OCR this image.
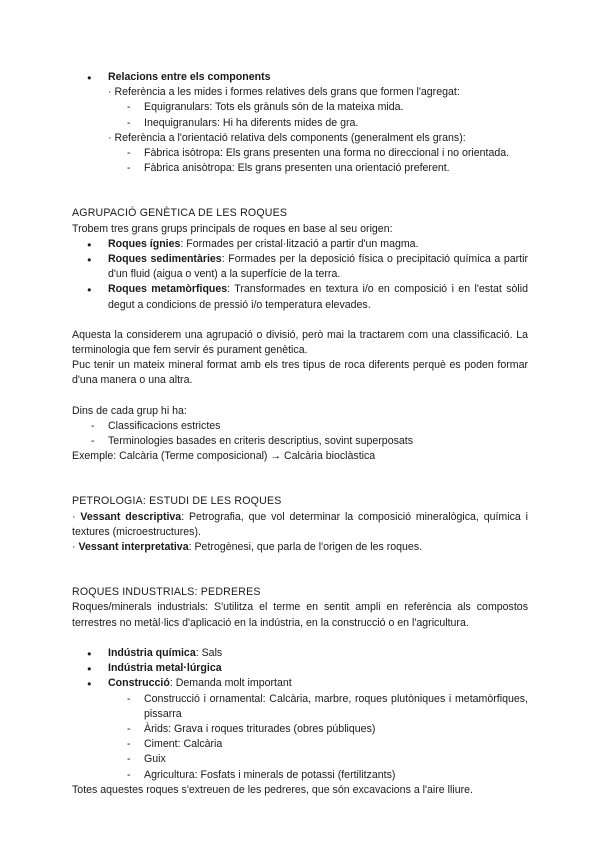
● Relacions entre els components

· Referència a les mides i formes relatives dels grans que formen l'agregat:

- Equigranulars: Tots els grànuls són de la mateixa mida.
- Inequigranulars: Hi ha diferents mides de gra.

· Referència a l'orientació relativa dels components (generalment els grans):

- Fàbrica isòtropa: Els grans presenten una forma no direccional i no orientada.
- Fàbrica anisòtropa: Els grans presenten una orientació preferent.

AGRUPACIÓ GENÈTICA DE LES ROQUES

Trobem tres grans grups principals de roques en base al seu origen:

● Roques ígnies: Formades per cristal·lització a partir d'un magma.
● Roques sedimentàries: Formades per la deposició física o precipitació química a partir d'un fluid (aigua o vent) a la superfície de la terra.
● Roques metamòrfiques: Transformades en textura i/o en composició i en l'estat sòlid degut a condicions de pressió i/o temperatura elevades.

Aquesta la considerem una agrupació o divisió, però mai la tractarem com una classificació. La terminologia que fem servir és purament genètica.

Puc tenir un mateix mineral format amb els tres tipus de roca diferents perquè es poden formar d'una manera o una altra.

Dins de cada grup hi ha:

- Classificacions estrictes
- Terminologies basades en criteris descriptius, sovint superposats

Exemple: Calcària (Terme composicional) → Calcària bioclàstica

PETROLOGIA: ESTUDI DE LES ROQUES

· Vessant descriptiva: Petrografia, que vol determinar la composició mineralògica, química i textures (microestructures).

· Vessant interpretativa: Petrogènesi, que parla de l'origen de les roques.

ROQUES INDUSTRIALS: PEDRERES

Roques/minerals industrials: S'utilitza el terme en sentit ampli en referència als compostos terrestres no metàl·lics d'aplicació en la indústria, en la construcció o en l'agricultura.

● Indústria química: Sals
● Indústria metal·lúrgica
● Construcció: Demanda molt important
- Construcció i ornamental: Calcària, marbre, roques plutòniques i metamòrfiques, pissarra
- Àrids: Grava i roques triturades (obres públiques)
- Ciment: Calcària
- Guix
- Agricultura: Fosfats i minerals de potassi (fertilitzants)

Totes aquestes roques s'extreuen de les pedreres, que són excavacions a l'aire lliure.
